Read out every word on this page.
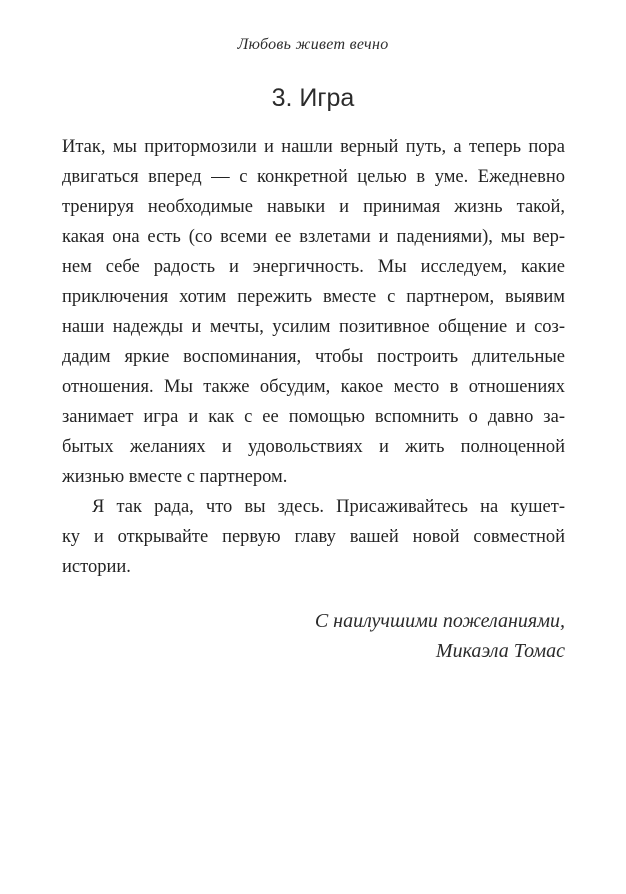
Любовь живет вечно
3. Игра
Итак, мы притормозили и нашли верный путь, а теперь пора
двигаться вперед — с конкретной целью в уме. Ежедневно
тренируя необходимые навыки и принимая жизнь такой,
какая она есть (со всеми ее взлетами и падениями), мы вер-
нем себе радость и энергичность. Мы исследуем, какие
приключения хотим пережить вместе с партнером, выявим
наши надежды и мечты, усилим позитивное общение и соз-
дадим яркие воспоминания, чтобы построить длительные
отношения. Мы также обсудим, какое место в отношениях
занимает игра и как с ее помощью вспомнить о давно за-
бытых желаниях и удовольствиях и жить полноценной
жизнью вместе с партнером.
Я так рада, что вы здесь. Присаживайтесь на кушет-
ку и открывайте первую главу вашей новой совместной
истории.
С наилучшими пожеланиями,
Микаэла Томас
